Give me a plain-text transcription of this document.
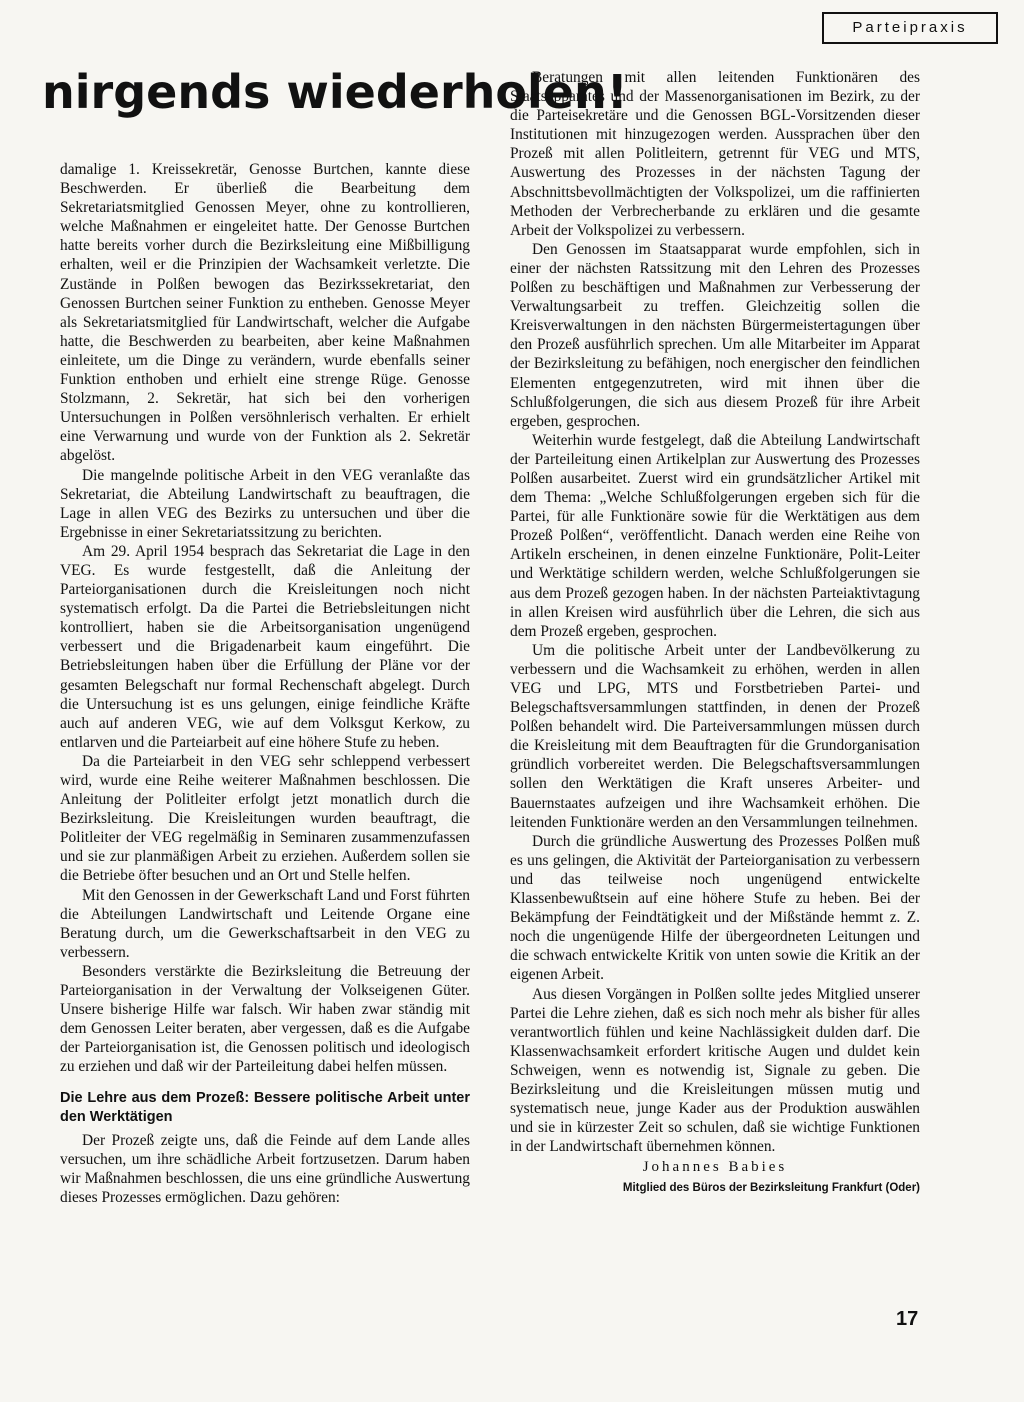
Parteipraxis
nirgends wiederholen!

damalige 1. Kreissekretär, Genosse Burtchen, kannte diese Beschwerden. Er überließ die Bearbeitung dem Sekretariatsmitglied Genossen Meyer, ohne zu kontrollieren, welche Maßnahmen er eingeleitet hatte. Der Genosse Burtchen hatte bereits vorher durch die Bezirksleitung eine Mißbilligung erhalten, weil er die Prinzipien der Wachsamkeit verletzte. Die Zustände in Polßen bewogen das Bezirkssekretariat, den Genossen Burtchen seiner Funktion zu entheben. Genosse Meyer als Sekretariatsmitglied für Landwirtschaft, welcher die Aufgabe hatte, die Beschwerden zu bearbeiten, aber keine Maßnahmen einleitete, um die Dinge zu verändern, wurde ebenfalls seiner Funktion enthoben und erhielt eine strenge Rüge. Genosse Stolzmann, 2. Sekretär, hat sich bei den vorherigen Untersuchungen in Polßen versöhnlerisch verhalten. Er erhielt eine Verwarnung und wurde von der Funktion als 2. Sekretär abgelöst.

Die mangelnde politische Arbeit in den VEG veranlaßte das Sekretariat, die Abteilung Landwirtschaft zu beauftragen, die Lage in allen VEG des Bezirks zu untersuchen und über die Ergebnisse in einer Sekretariatssitzung zu berichten.

Am 29. April 1954 besprach das Sekretariat die Lage in den VEG. Es wurde festgestellt, daß die Anleitung der Parteiorganisationen durch die Kreisleitungen noch nicht systematisch erfolgt. Da die Partei die Betriebsleitungen nicht kontrolliert, haben sie die Arbeitsorganisation ungenügend verbessert und die Brigadenarbeit kaum eingeführt. Die Betriebsleitungen haben über die Erfüllung der Pläne vor der gesamten Belegschaft nur formal Rechenschaft abgelegt. Durch die Untersuchung ist es uns gelungen, einige feindliche Kräfte auch auf anderen VEG, wie auf dem Volksgut Kerkow, zu entlarven und die Parteiarbeit auf eine höhere Stufe zu heben.

Da die Parteiarbeit in den VEG sehr schleppend verbessert wird, wurde eine Reihe weiterer Maßnahmen beschlossen. Die Anleitung der Politleiter erfolgt jetzt monatlich durch die Bezirksleitung. Die Kreisleitungen wurden beauftragt, die Politleiter der VEG regelmäßig in Seminaren zusammenzufassen und sie zur planmäßigen Arbeit zu erziehen. Außerdem sollen sie die Betriebe öfter besuchen und an Ort und Stelle helfen.

Mit den Genossen in der Gewerkschaft Land und Forst führten die Abteilungen Landwirtschaft und Leitende Organe eine Beratung durch, um die Gewerkschaftsarbeit in den VEG zu verbessern.

Besonders verstärkte die Bezirksleitung die Betreuung der Parteiorganisation in der Verwaltung der Volkseigenen Güter. Unsere bisherige Hilfe war falsch. Wir haben zwar ständig mit dem Genossen Leiter beraten, aber vergessen, daß es die Aufgabe der Parteiorganisation ist, die Genossen politisch und ideologisch zu erziehen und daß wir der Parteileitung dabei helfen müssen.

Die Lehre aus dem Prozeß: Bessere politische Arbeit unter den Werktätigen

Der Prozeß zeigte uns, daß die Feinde auf dem Lande alles versuchen, um ihre schädliche Arbeit fortzusetzen. Darum haben wir Maßnahmen beschlossen, die uns eine gründliche Auswertung dieses Prozesses ermöglichen. Dazu gehören:

Beratungen mit allen leitenden Funktionären des Staatsapparates und der Massenorganisationen im Bezirk, zu der die Parteisekretäre und die Genossen BGL-Vorsitzenden dieser Institutionen mit hinzugezogen werden. Aussprachen über den Prozeß mit allen Politleitern, getrennt für VEG und MTS, Auswertung des Prozesses in der nächsten Tagung der Abschnittsbevollmächtigten der Volkspolizei, um die raffinierten Methoden der Verbrecherbande zu erklären und die gesamte Arbeit der Volkspolizei zu verbessern.

Den Genossen im Staatsapparat wurde empfohlen, sich in einer der nächsten Ratssitzung mit den Lehren des Prozesses Polßen zu beschäftigen und Maßnahmen zur Verbesserung der Verwaltungsarbeit zu treffen. Gleichzeitig sollen die Kreisverwaltungen in den nächsten Bürgermeistertagungen über den Prozeß ausführlich sprechen. Um alle Mitarbeiter im Apparat der Bezirksleitung zu befähigen, noch energischer den feindlichen Elementen entgegenzutreten, wird mit ihnen über die Schlußfolgerungen, die sich aus diesem Prozeß für ihre Arbeit ergeben, gesprochen.

Weiterhin wurde festgelegt, daß die Abteilung Landwirtschaft der Parteileitung einen Artikelplan zur Auswertung des Prozesses Polßen ausarbeitet. Zuerst wird ein grundsätzlicher Artikel mit dem Thema: „Welche Schlußfolgerungen ergeben sich für die Partei, für alle Funktionäre sowie für die Werktätigen aus dem Prozeß Polßen“, veröffentlicht. Danach werden eine Reihe von Artikeln erscheinen, in denen einzelne Funktionäre, Polit-Leiter und Werktätige schildern werden, welche Schlußfolgerungen sie aus dem Prozeß gezogen haben. In der nächsten Parteiaktivtagung in allen Kreisen wird ausführlich über die Lehren, die sich aus dem Prozeß ergeben, gesprochen.

Um die politische Arbeit unter der Landbevölkerung zu verbessern und die Wachsamkeit zu erhöhen, werden in allen VEG und LPG, MTS und Forstbetrieben Partei- und Belegschaftsversammlungen stattfinden, in denen der Prozeß Polßen behandelt wird. Die Parteiversammlungen müssen durch die Kreisleitung mit dem Beauftragten für die Grundorganisation gründlich vorbereitet werden. Die Belegschaftsversammlungen sollen den Werktätigen die Kraft unseres Arbeiter- und Bauernstaates aufzeigen und ihre Wachsamkeit erhöhen. Die leitenden Funktionäre werden an den Versammlungen teilnehmen.

Durch die gründliche Auswertung des Prozesses Polßen muß es uns gelingen, die Aktivität der Parteiorganisation zu verbessern und das teilweise noch ungenügend entwickelte Klassenbewußtsein auf eine höhere Stufe zu heben. Bei der Bekämpfung der Feindtätigkeit und der Mißstände hemmt z. Z. noch die ungenügende Hilfe der übergeordneten Leitungen und die schwach entwickelte Kritik von unten sowie die Kritik an der eigenen Arbeit.

Aus diesen Vorgängen in Polßen sollte jedes Mitglied unserer Partei die Lehre ziehen, daß es sich noch mehr als bisher für alles verantwortlich fühlen und keine Nachlässigkeit dulden darf. Die Klassenwachsamkeit erfordert kritische Augen und duldet kein Schweigen, wenn es notwendig ist, Signale zu geben. Die Bezirksleitung und die Kreisleitungen müssen mutig und systematisch neue, junge Kader aus der Produktion auswählen und sie in kürzester Zeit so schulen, daß sie wichtige Funktionen in der Landwirtschaft übernehmen können.

Johannes Babies
Mitglied des Büros der Bezirksleitung Frankfurt (Oder)
17
